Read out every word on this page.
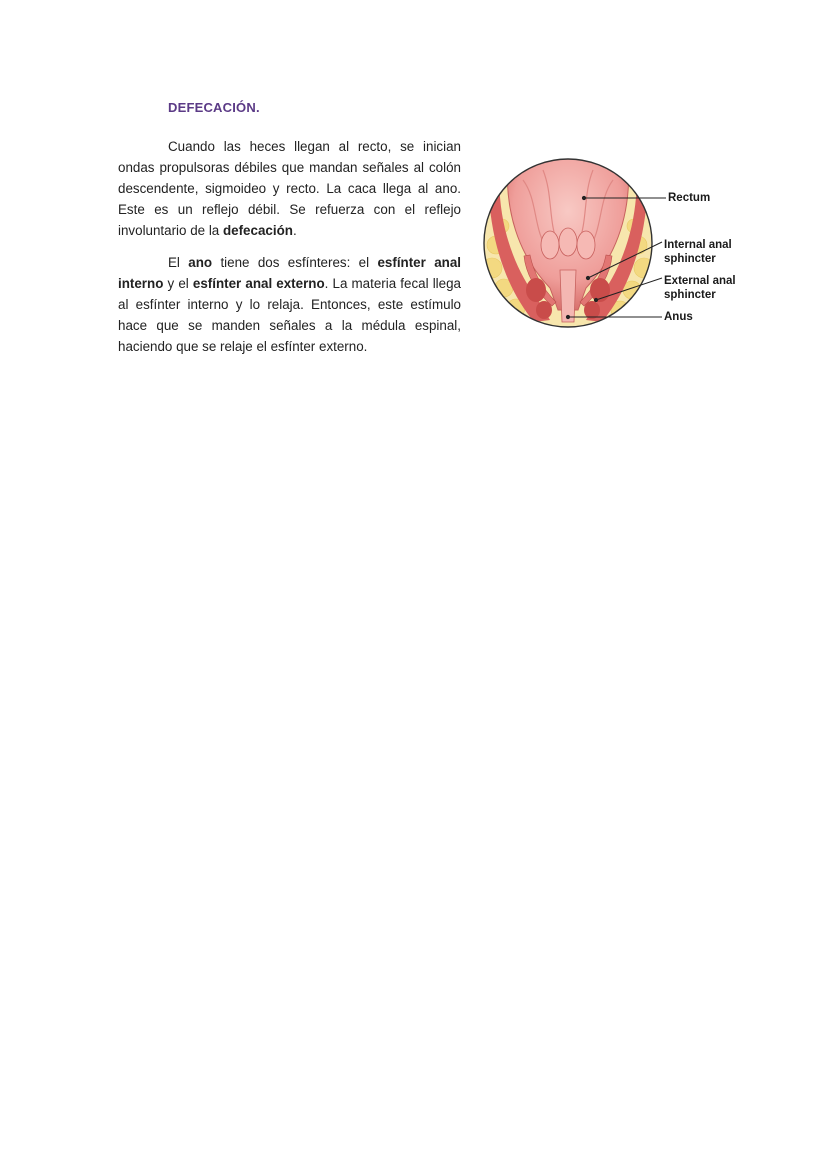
DEFECACIÓN.

Cuando las heces llegan al recto, se inician ondas propulsoras débiles que mandan señales al colón descendente, sigmoideo y recto. La caca llega al ano. Este es un reflejo débil. Se refuerza con el reflejo involuntario de la defecación.

El ano tiene dos esfínteres: el esfínter anal interno y el esfínter anal externo. La materia fecal llega al esfínter interno y lo relaja. Entonces, este estímulo hace que se manden señales a la médula espinal, haciendo que se relaje el esfínter externo.

Rectum
Internal anal
sphincter
External anal
sphincter
Anus
